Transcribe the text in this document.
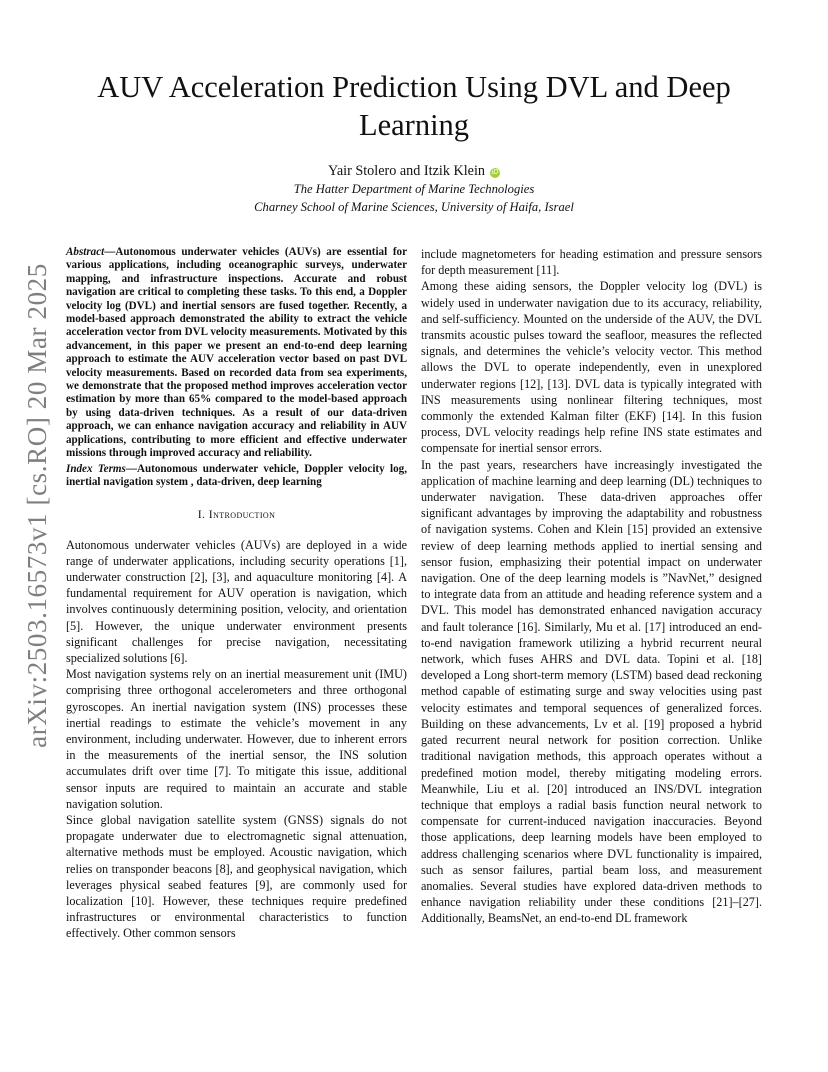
arXiv:2503.16573v1 [cs.RO] 20 Mar 2025
AUV Acceleration Prediction Using DVL and Deep Learning
Yair Stolero and Itzik Klein iD
The Hatter Department of Marine Technologies
Charney School of Marine Sciences, University of Haifa, Israel

Abstract—Autonomous underwater vehicles (AUVs) are essential for various applications, including oceanographic surveys, underwater mapping, and infrastructure inspections. Accurate and robust navigation are critical to completing these tasks. To this end, a Doppler velocity log (DVL) and inertial sensors are fused together. Recently, a model-based approach demonstrated the ability to extract the vehicle acceleration vector from DVL velocity measurements. Motivated by this advancement, in this paper we present an end-to-end deep learning approach to estimate the AUV acceleration vector based on past DVL velocity measurements. Based on recorded data from sea experiments, we demonstrate that the proposed method improves acceleration vector estimation by more than 65% compared to the model-based approach by using data-driven techniques. As a result of our data-driven approach, we can enhance navigation accuracy and reliability in AUV applications, contributing to more efficient and effective underwater missions through improved accuracy and reliability.

Index Terms—Autonomous underwater vehicle, Doppler velocity log, inertial navigation system , data-driven, deep learning

I. Introduction

Autonomous underwater vehicles (AUVs) are deployed in a wide range of underwater applications, including security operations [1], underwater construction [2], [3], and aquaculture monitoring [4]. A fundamental requirement for AUV operation is navigation, which involves continuously determining position, velocity, and orientation [5]. However, the unique underwater environment presents significant challenges for precise navigation, necessitating specialized solutions [6].

Most navigation systems rely on an inertial measurement unit (IMU) comprising three orthogonal accelerometers and three orthogonal gyroscopes. An inertial navigation system (INS) processes these inertial readings to estimate the vehicle’s movement in any environment, including underwater. However, due to inherent errors in the measurements of the inertial sensor, the INS solution accumulates drift over time [7]. To mitigate this issue, additional sensor inputs are required to maintain an accurate and stable navigation solution.

Since global navigation satellite system (GNSS) signals do not propagate underwater due to electromagnetic signal attenuation, alternative methods must be employed. Acoustic navigation, which relies on transponder beacons [8], and geophysical navigation, which leverages physical seabed features [9], are commonly used for localization [10]. However, these techniques require predefined infrastructures or environmental characteristics to function effectively. Other common sensors

include magnetometers for heading estimation and pressure sensors for depth measurement [11].

Among these aiding sensors, the Doppler velocity log (DVL) is widely used in underwater navigation due to its accuracy, reliability, and self-sufficiency. Mounted on the underside of the AUV, the DVL transmits acoustic pulses toward the seafloor, measures the reflected signals, and determines the vehicle’s velocity vector. This method allows the DVL to operate independently, even in unexplored underwater regions [12], [13]. DVL data is typically integrated with INS measurements using nonlinear filtering techniques, most commonly the extended Kalman filter (EKF) [14]. In this fusion process, DVL velocity readings help refine INS state estimates and compensate for inertial sensor errors.

In the past years, researchers have increasingly investigated the application of machine learning and deep learning (DL) techniques to underwater navigation. These data-driven approaches offer significant advantages by improving the adaptability and robustness of navigation systems. Cohen and Klein [15] provided an extensive review of deep learning methods applied to inertial sensing and sensor fusion, emphasizing their potential impact on underwater navigation. One of the deep learning models is ”NavNet,” designed to integrate data from an attitude and heading reference system and a DVL. This model has demonstrated enhanced navigation accuracy and fault tolerance [16]. Similarly, Mu et al. [17] introduced an end-to-end navigation framework utilizing a hybrid recurrent neural network, which fuses AHRS and DVL data. Topini et al. [18] developed a Long short-term memory (LSTM) based dead reckoning method capable of estimating surge and sway velocities using past velocity estimates and temporal sequences of generalized forces. Building on these advancements, Lv et al. [19] proposed a hybrid gated recurrent neural network for position correction. Unlike traditional navigation methods, this approach operates without a predefined motion model, thereby mitigating modeling errors. Meanwhile, Liu et al. [20] introduced an INS/DVL integration technique that employs a radial basis function neural network to compensate for current-induced navigation inaccuracies. Beyond those applications, deep learning models have been employed to address challenging scenarios where DVL functionality is impaired, such as sensor failures, partial beam loss, and measurement anomalies. Several studies have explored data-driven methods to enhance navigation reliability under these conditions [21]–[27]. Additionally, BeamsNet, an end-to-end DL framework
